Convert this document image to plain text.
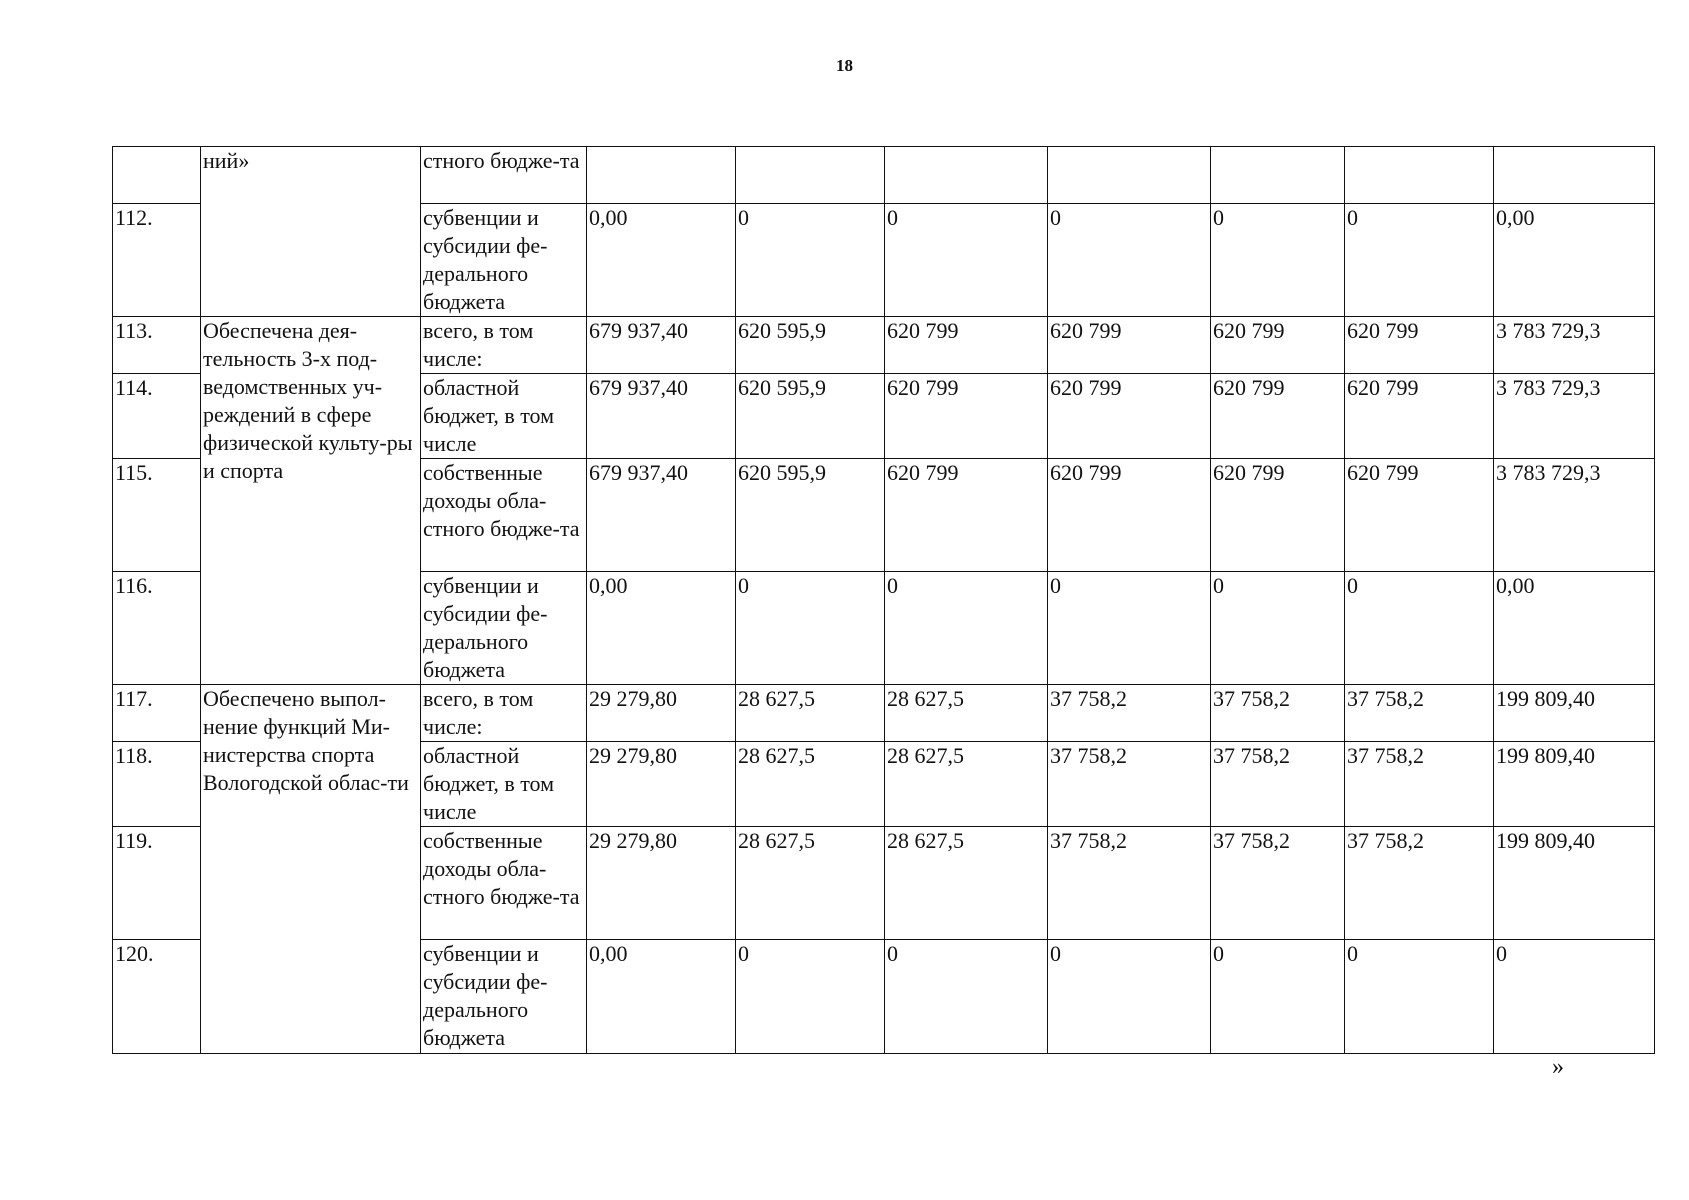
18
	ний»	стного бюдже-та							
112.		субвенции и субсидии фе-дерального бюджета	0,00	0	0	0	0	0	0,00
113.	Обеспечена дея-тельность 3-х под-ведомственных уч-реждений в сфере физической культу-ры и спорта	всего, в том числе:	679 937,40	620 595,9	620 799	620 799	620 799	620 799	3 783 729,3
114.		областной бюджет, в том числе	679 937,40	620 595,9	620 799	620 799	620 799	620 799	3 783 729,3
115.		собственные доходы обла-стного бюдже-та	679 937,40	620 595,9	620 799	620 799	620 799	620 799	3 783 729,3
116.		субвенции и субсидии фе-дерального бюджета	0,00	0	0	0	0	0	0,00
117.	Обеспечено выпол-нение функций Ми-нистерства спорта Вологодской облас-ти	всего, в том числе:	29 279,80	28 627,5	28 627,5	37 758,2	37 758,2	37 758,2	199 809,40
118.		областной бюджет, в том числе	29 279,80	28 627,5	28 627,5	37 758,2	37 758,2	37 758,2	199 809,40
119.		собственные доходы обла-стного бюдже-та	29 279,80	28 627,5	28 627,5	37 758,2	37 758,2	37 758,2	199 809,40
120.		субвенции и субсидии фе-дерального бюджета	0,00	0	0	0	0	0	0
»
